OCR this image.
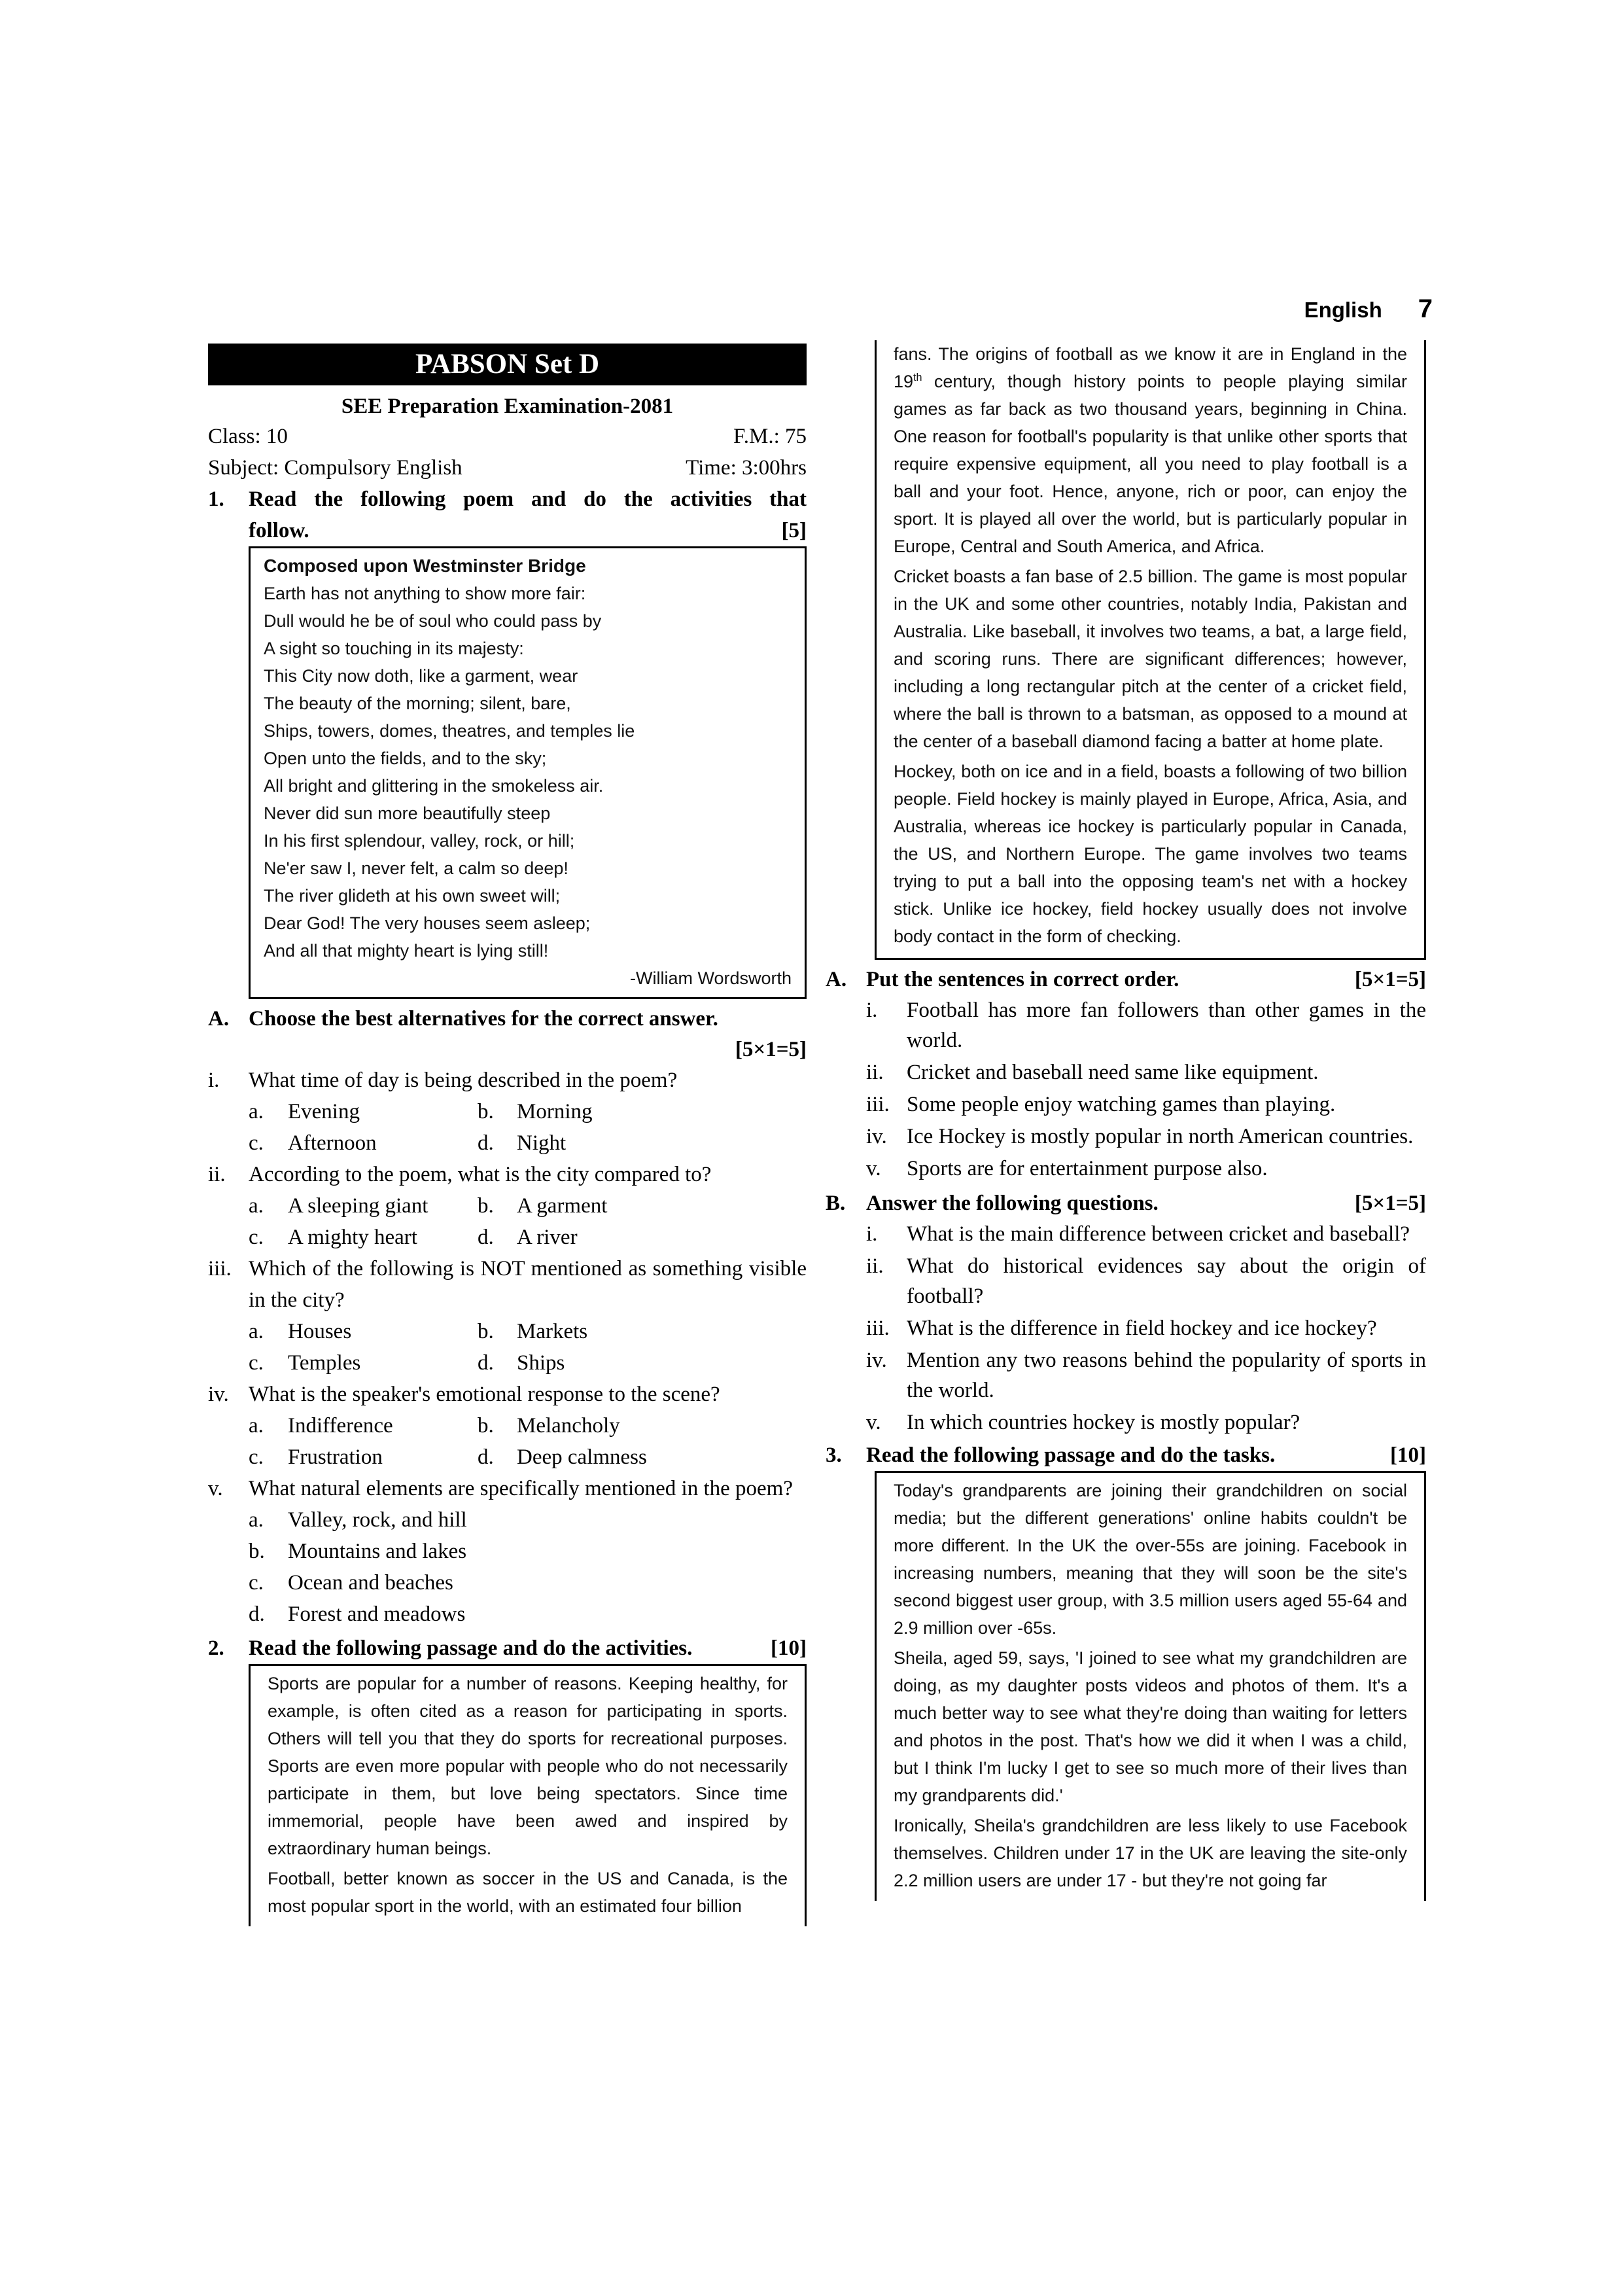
English 7
PABSON Set D
SEE Preparation Examination-2081
Class: 10	F.M.: 75
Subject: Compulsory English	Time: 3:00hrs
1.	Read the following poem and do the activities that
follow.	[5]
Composed upon Westminster Bridge
Earth has not anything to show more fair:
Dull would he be of soul who could pass by
A sight so touching in its majesty:
This City now doth, like a garment, wear
The beauty of the morning; silent, bare,
Ships, towers, domes, theatres, and temples lie
Open unto the fields, and to the sky;
All bright and glittering in the smokeless air.
Never did sun more beautifully steep
In his first splendour, valley, rock, or hill;
Ne'er saw I, never felt, a calm so deep!
The river glideth at his own sweet will;
Dear God! The very houses seem asleep;
And all that mighty heart is lying still!
-William Wordsworth
A. Choose the best alternatives for the correct answer.
[5×1=5]
i.	What time of day is being described in the poem?
a.	Evening	b.	Morning
c.	Afternoon	d.	Night
ii.	According to the poem, what is the city compared to?
a.	A sleeping giant b.	A garment
c.	A mighty heart	d.	A river
iii. Which of the following is NOT mentioned as something visible in the city?
a.	Houses	b.	Markets
c.	Temples	d.	Ships
iv. What is the speaker's emotional response to the scene?
a.	Indifference	b.	Melancholy
c.	Frustration	d.	Deep calmness
v.	What natural elements are specifically mentioned in the poem?
a.	Valley, rock, and hill
b.	Mountains and lakes
c.	Ocean and beaches
d.	Forest and meadows
2.	Read the following passage and do the activities.	[10]

Sports are popular for a number of reasons. Keeping healthy, for example, is often cited as a reason for participating in sports. Others will tell you that they do sports for recreational purposes. Sports are even more popular with people who do not necessarily participate in them, but love being spectators. Since time immemorial, people have been awed and inspired by extraordinary human beings.

Football, better known as soccer in the US and Canada, is the most popular sport in the world, with an estimated four billion

fans. The origins of football as we know it are in England in the 19th century, though history points to people playing similar games as far back as two thousand years, beginning in China. One reason for football's popularity is that unlike other sports that require expensive equipment, all you need to play football is a ball and your foot. Hence, anyone, rich or poor, can enjoy the sport. It is played all over the world, but is particularly popular in Europe, Central and South America, and Africa.

Cricket boasts a fan base of 2.5 billion. The game is most popular in the UK and some other countries, notably India, Pakistan and Australia. Like baseball, it involves two teams, a bat, a large field, and scoring runs. There are significant differences; however, including a long rectangular pitch at the center of a cricket field, where the ball is thrown to a batsman, as opposed to a mound at the center of a baseball diamond facing a batter at home plate.

Hockey, both on ice and in a field, boasts a following of two billion people. Field hockey is mainly played in Europe, Africa, Asia, and Australia, whereas ice hockey is particularly popular in Canada, the US, and Northern Europe. The game involves two teams trying to put a ball into the opposing team's net with a hockey stick. Unlike ice hockey, field hockey usually does not involve body contact in the form of checking.

A. Put the sentences in correct order.	[5×1=5]
i.	Football has more fan followers than other games in the world.
ii.	Cricket and baseball need same like equipment.
iii. Some people enjoy watching games than playing.
iv. Ice Hockey is mostly popular in north American countries.
v.	Sports are for entertainment purpose also.
B. Answer the following questions.	[5×1=5]
i.	What is the main difference between cricket and baseball?
ii.	What do historical evidences say about the origin of football?
iii. What is the difference in field hockey and ice hockey?
iv. Mention any two reasons behind the popularity of sports in the world.
v.	In which countries hockey is mostly popular?
3.	Read the following passage and do the tasks.	[10]

Today's grandparents are joining their grandchildren on social media; but the different generations' online habits couldn't be more different. In the UK the over-55s are joining. Facebook in increasing numbers, meaning that they will soon be the site's second biggest user group, with 3.5 million users aged 55-64 and 2.9 million over -65s.

Sheila, aged 59, says, 'I joined to see what my grandchildren are doing, as my daughter posts videos and photos of them. It's a much better way to see what they're doing than waiting for letters and photos in the post. That's how we did it when I was a child, but I think I'm lucky I get to see so much more of their lives than my grandparents did.'

Ironically, Sheila's grandchildren are less likely to use Facebook themselves. Children under 17 in the UK are leaving the site-only 2.2 million users are under 17 - but they're not going far
